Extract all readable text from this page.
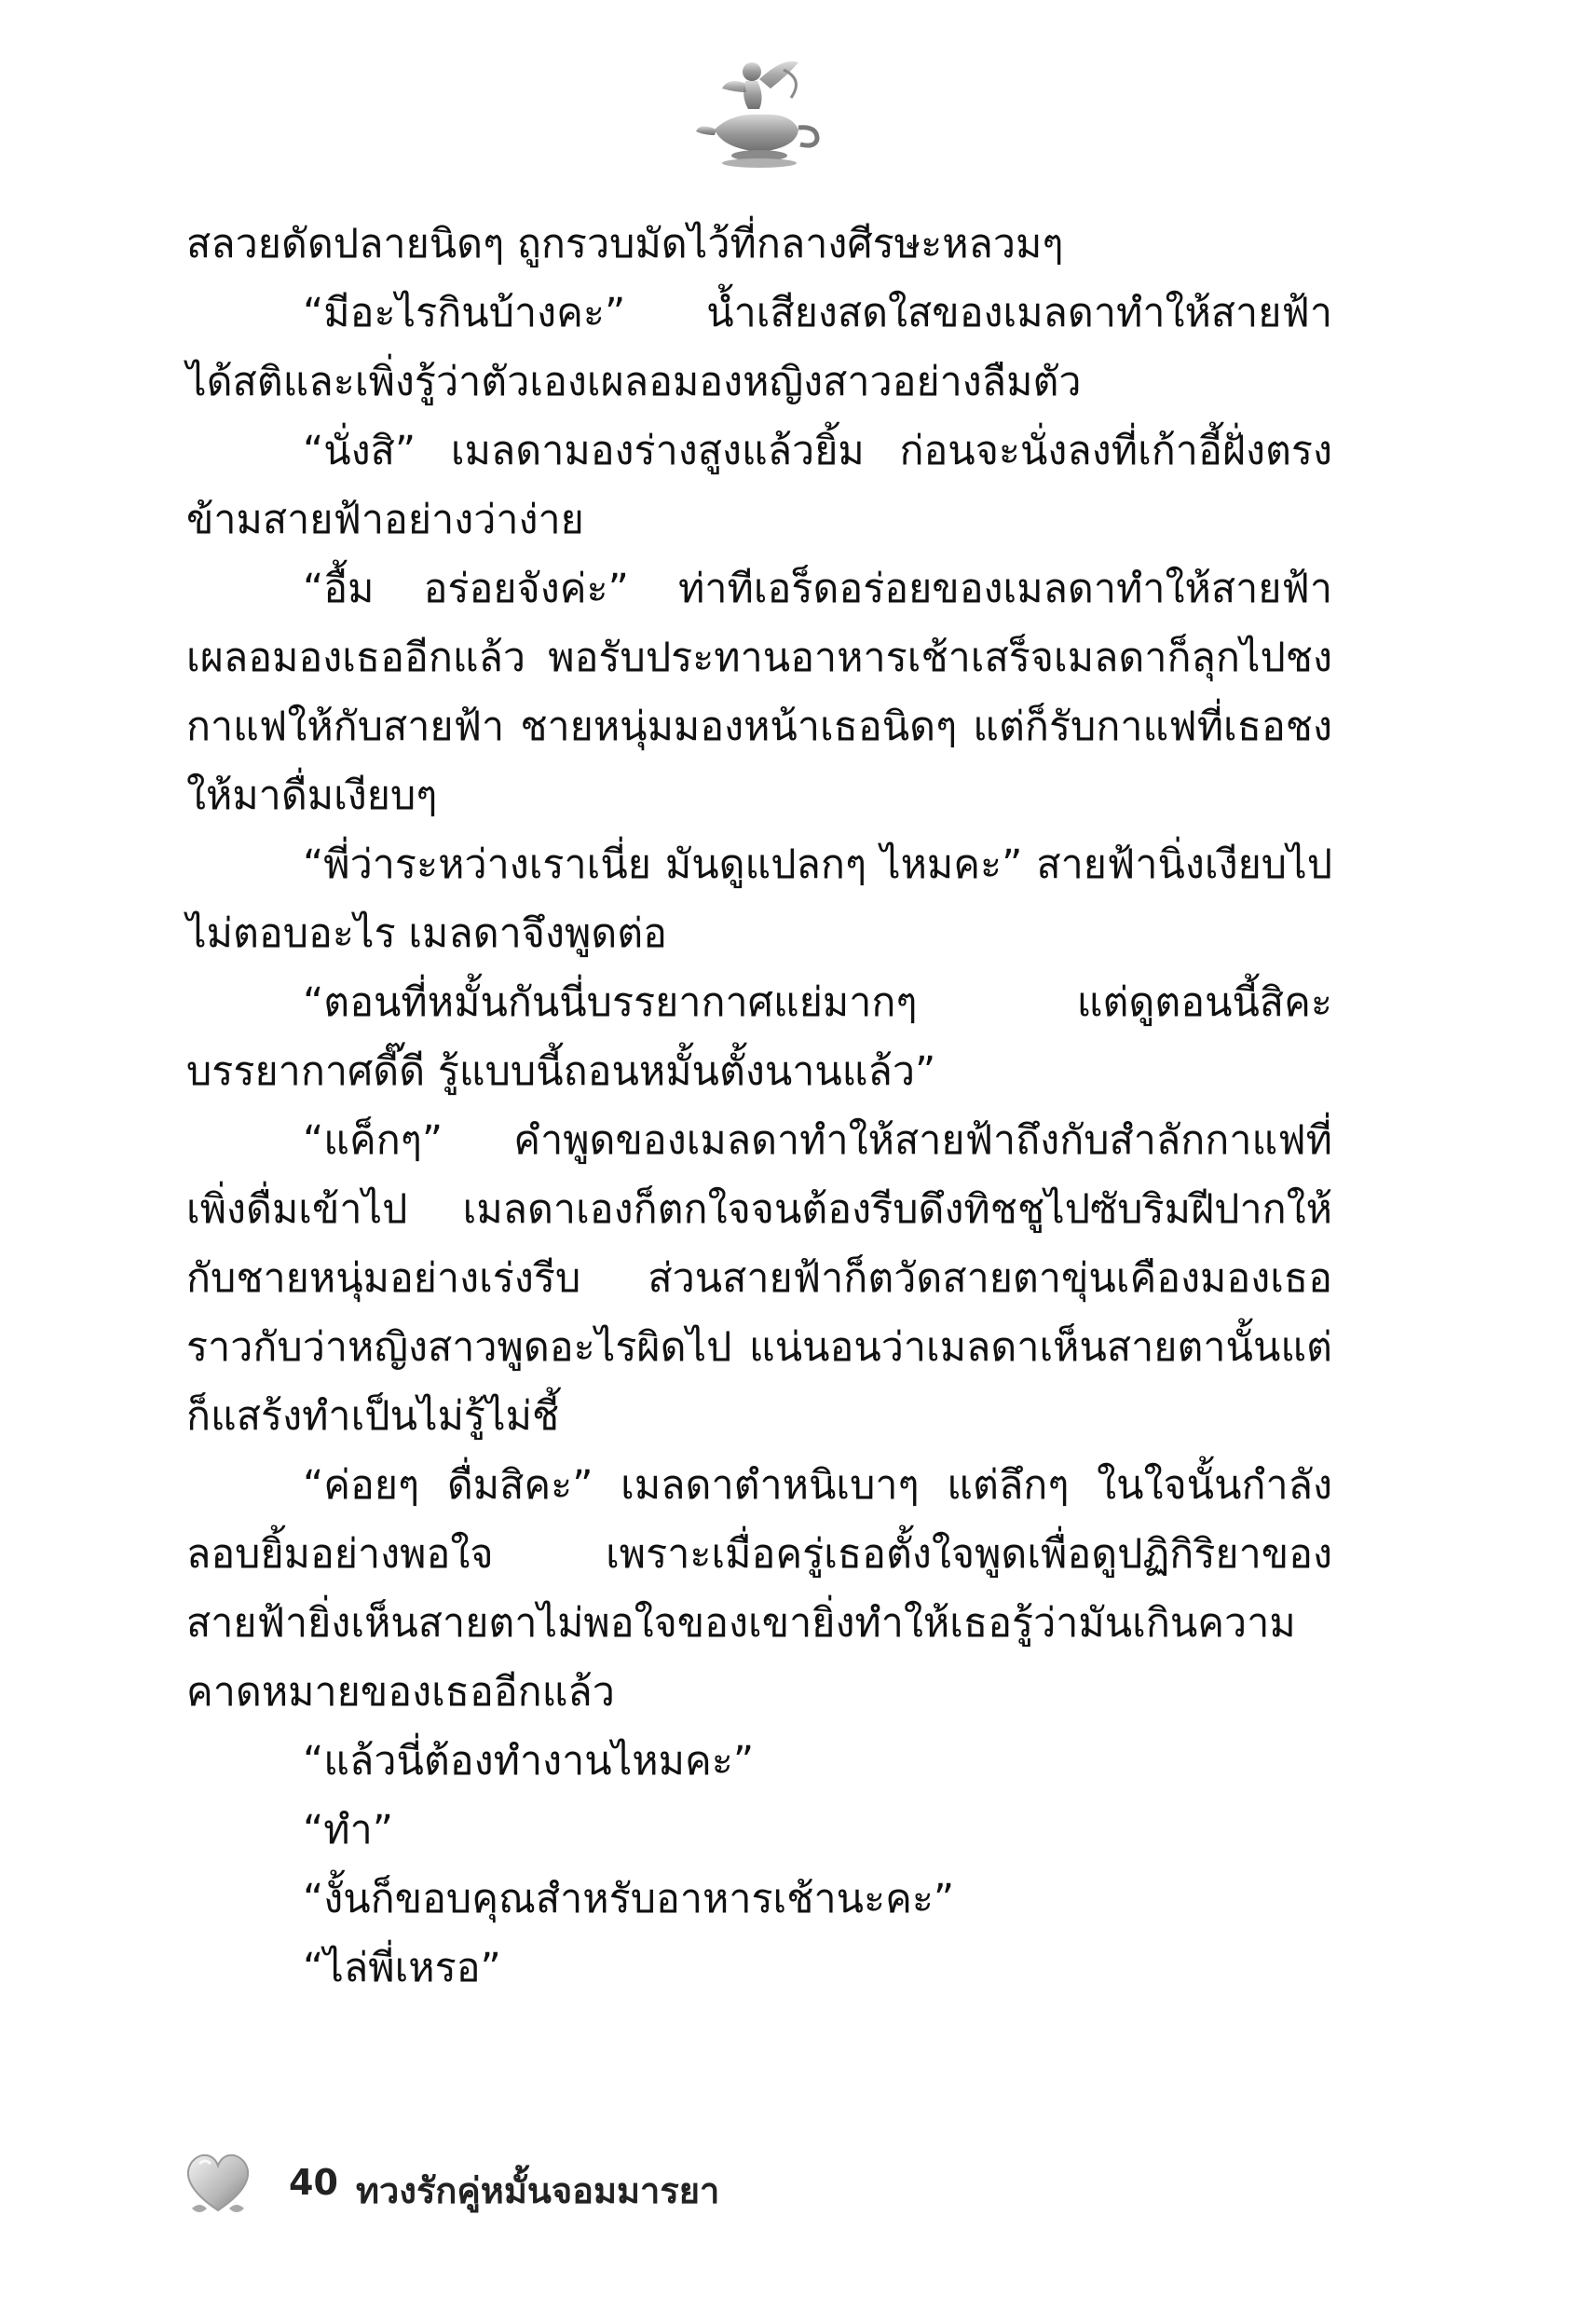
สลวยดัดปลายนิดๆ ถูกรวบมัดไว้ที่กลางศีรษะหลวมๆ

“มีอะไรกินบ้างคะ” น้ำเสียงสดใสของเมลดาทำให้สายฟ้าได้สติและเพิ่งรู้ว่าตัวเองเผลอมองหญิงสาวอย่างลืมตัว

“นั่งสิ” เมลดามองร่างสูงแล้วยิ้ม ก่อนจะนั่งลงที่เก้าอี้ฝั่งตรงข้ามสายฟ้าอย่างว่าง่าย

“อื้ม อร่อยจังค่ะ” ท่าทีเอร็ดอร่อยของเมลดาทำให้สายฟ้าเผลอมองเธออีกแล้ว พอรับประทานอาหารเช้าเสร็จเมลดาก็ลุกไปชงกาแฟให้กับสายฟ้า ชายหนุ่มมองหน้าเธอนิดๆ แต่ก็รับกาแฟที่เธอชงให้มาดื่มเงียบๆ

“พี่ว่าระหว่างเราเนี่ย มันดูแปลกๆ ไหมคะ” สายฟ้านิ่งเงียบไปไม่ตอบอะไร เมลดาจึงพูดต่อ

“ตอนที่หมั้นกันนี่บรรยากาศแย่มากๆ แต่ดูตอนนี้สิคะบรรยากาศดี๊ดี รู้แบบนี้ถอนหมั้นตั้งนานแล้ว”

“แค็กๆ” คำพูดของเมลดาทำให้สายฟ้าถึงกับสำลักกาแฟที่เพิ่งดื่มเข้าไป เมลดาเองก็ตกใจจนต้องรีบดึงทิชชูไปซับริมฝีปากให้กับชายหนุ่มอย่างเร่งรีบ ส่วนสายฟ้าก็ตวัดสายตาขุ่นเคืองมองเธอราวกับว่าหญิงสาวพูดอะไรผิดไป แน่นอนว่าเมลดาเห็นสายตานั้นแต่ก็แสร้งทำเป็นไม่รู้ไม่ชี้

“ค่อยๆ ดื่มสิคะ” เมลดาตำหนิเบาๆ แต่ลึกๆ ในใจนั้นกำลังลอบยิ้มอย่างพอใจ เพราะเมื่อครู่เธอตั้งใจพูดเพื่อดูปฏิกิริยาของสายฟ้ายิ่งเห็นสายตาไม่พอใจของเขายิ่งทำให้เธอรู้ว่ามันเกินความคาดหมายของเธออีกแล้ว

“แล้วนี่ต้องทำงานไหมคะ”

“ทำ”

“งั้นก็ขอบคุณสำหรับอาหารเช้านะคะ”

“ไล่พี่เหรอ”

40 ทวงรักคู่หมั้นจอมมารยา
